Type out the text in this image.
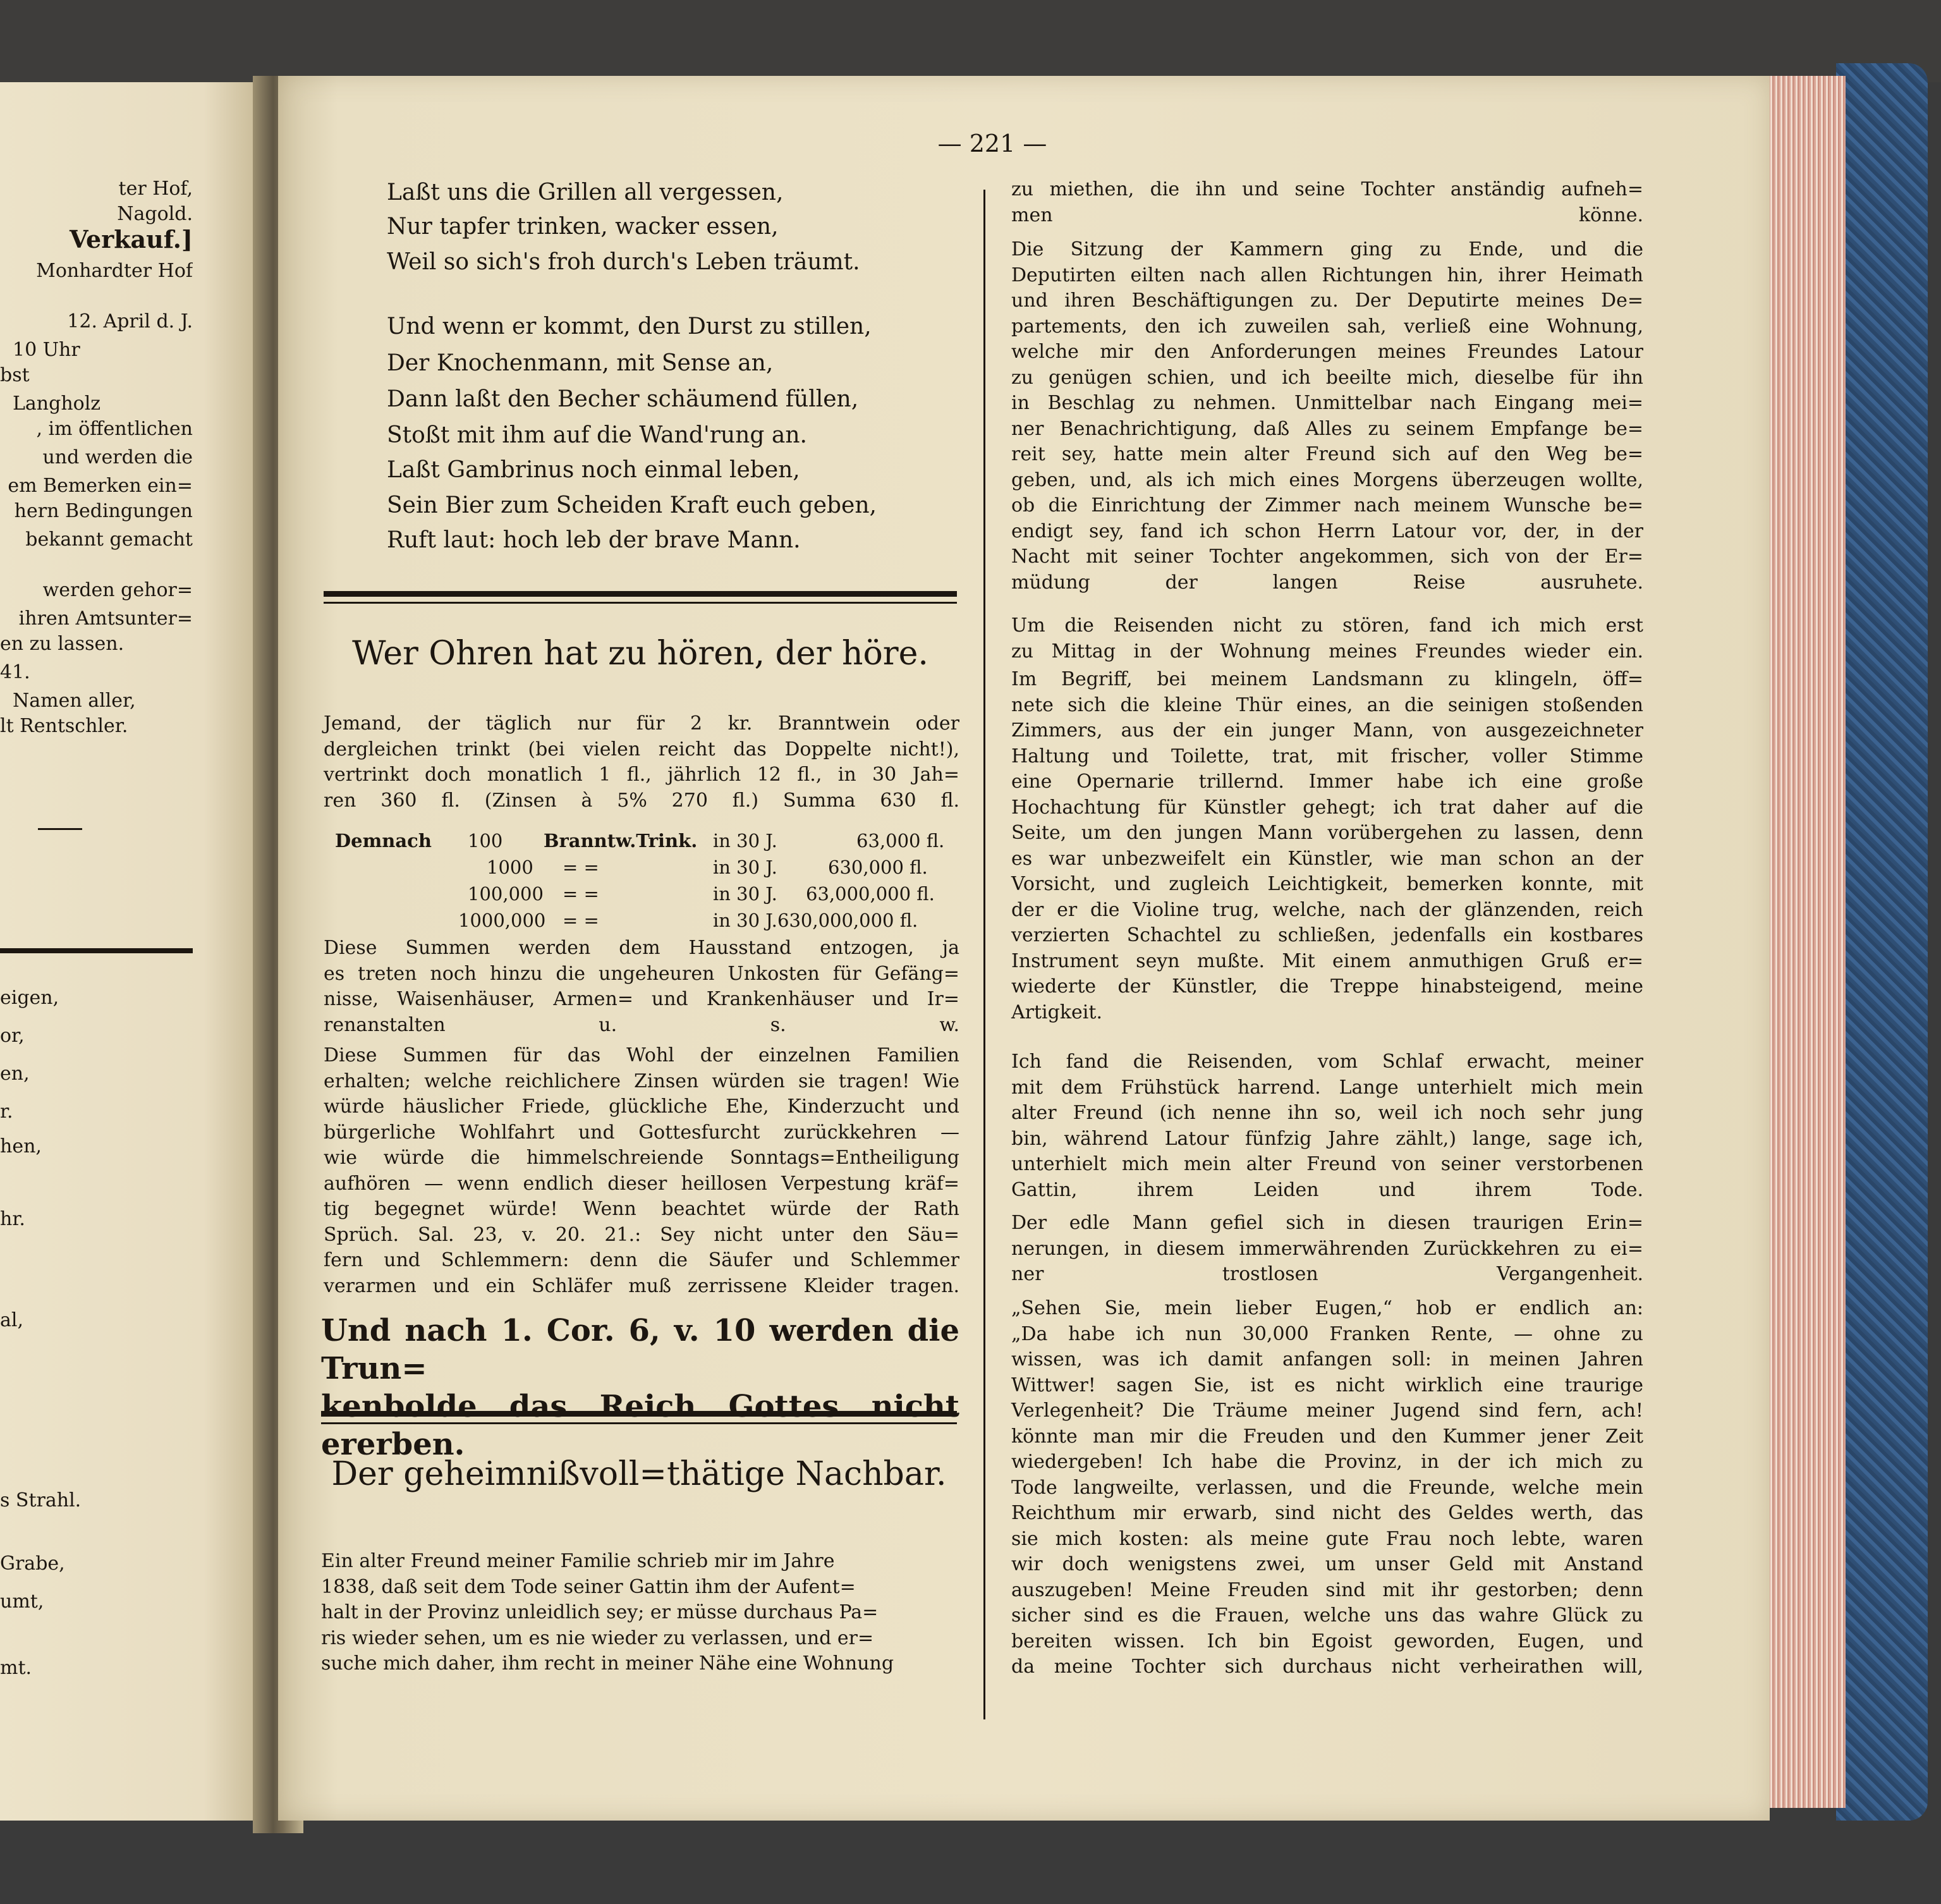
ter Hof,
Nagold.
Verkauf.]
Monhardter Hof
12. April d. J.
10 Uhr
bst
Langholz
, im öffentlichen
und werden die
em Bemerken ein=
hern Bedingungen
bekannt gemacht
werden gehor=
ihren Amtsunter=
en zu lassen.
41.
Namen aller,
lt Rentschler.
eigen,
or,
en,
r.
hen,
hr.
al,
s Strahl.
Grabe,
umt,
mt.
— 221 —
Laßt uns die Grillen all vergessen,
Nur tapfer trinken, wacker essen,
Weil so sich's froh durch's Leben träumt.
Und wenn er kommt, den Durst zu stillen,
Der Knochenmann, mit Sense an,
Dann laßt den Becher schäumend füllen,
Stoßt mit ihm auf die Wand'rung an.
Laßt Gambrinus noch einmal leben,
Sein Bier zum Scheiden Kraft euch geben,
Ruft laut: hoch leb der brave Mann.
Wer Ohren hat zu hören, der höre.
Jemand, der täglich nur für 2 kr. Branntwein oder
dergleichen trinkt (bei vielen reicht das Doppelte nicht!),
vertrinkt doch monatlich 1 fl., jährlich 12 fl., in 30 Jah=
ren 360 fl. (Zinsen à 5% 270 fl.) Summa 630 fl.
Demnach 100 Branntw.Trink. in 30 J.	63,000 fl.
1000 = =	in 30 J.	630,000 fl.
100,000 = =	in 30 J. 63,000,000 fl.
1000,000 = =	in 30 J. 630,000,000 fl.
Diese Summen werden dem Hausstand entzogen, ja
es treten noch hinzu die ungeheuren Unkosten für Gefäng=
nisse, Waisenhäuser, Armen= und Krankenhäuser und Ir=
renanstalten u. s. w.
Diese Summen für das Wohl der einzelnen Familien
erhalten; welche reichlichere Zinsen würden sie tragen! Wie
würde häuslicher Friede, glückliche Ehe, Kinderzucht und
bürgerliche Wohlfahrt und Gottesfurcht zurückkehren —
wie würde die himmelschreiende Sonntags=Entheiligung
aufhören — wenn endlich dieser heillosen Verpestung kräf=
tig begegnet würde! Wenn beachtet würde der Rath
Sprüch. Sal. 23, v. 20. 21.: Sey nicht unter den Säu=
fern und Schlemmern: denn die Säufer und Schlemmer
verarmen und ein Schläfer muß zerrissene Kleider tragen.
Und nach 1. Cor. 6, v. 10 werden die Trun=
kenbolde das Reich Gottes nicht ererben.
Der geheimnißvoll=thätige Nachbar.
Ein alter Freund meiner Familie schrieb mir im Jahre
1838, daß seit dem Tode seiner Gattin ihm der Aufent=
halt in der Provinz unleidlich sey; er müsse durchaus Pa=
ris wieder sehen, um es nie wieder zu verlassen, und er=
suche mich daher, ihm recht in meiner Nähe eine Wohnung
zu miethen, die ihn und seine Tochter anständig aufneh=
men könne.
Die Sitzung der Kammern ging zu Ende, und die
Deputirten eilten nach allen Richtungen hin, ihrer Heimath
und ihren Beschäftigungen zu. Der Deputirte meines De=
partements, den ich zuweilen sah, verließ eine Wohnung,
welche mir den Anforderungen meines Freundes Latour
zu genügen schien, und ich beeilte mich, dieselbe für ihn
in Beschlag zu nehmen. Unmittelbar nach Eingang mei=
ner Benachrichtigung, daß Alles zu seinem Empfange be=
reit sey, hatte mein alter Freund sich auf den Weg be=
geben, und, als ich mich eines Morgens überzeugen wollte,
ob die Einrichtung der Zimmer nach meinem Wunsche be=
endigt sey, fand ich schon Herrn Latour vor, der, in der
Nacht mit seiner Tochter angekommen, sich von der Er=
müdung der langen Reise ausruhete.
Um die Reisenden nicht zu stören, fand ich mich erst
zu Mittag in der Wohnung meines Freundes wieder ein.
Im Begriff, bei meinem Landsmann zu klingeln, öff=
nete sich die kleine Thür eines, an die seinigen stoßenden
Zimmers, aus der ein junger Mann, von ausgezeichneter
Haltung und Toilette, trat, mit frischer, voller Stimme
eine Opernarie trillernd. Immer habe ich eine große
Hochachtung für Künstler gehegt; ich trat daher auf die
Seite, um den jungen Mann vorübergehen zu lassen, denn
es war unbezweifelt ein Künstler, wie man schon an der
Vorsicht, und zugleich Leichtigkeit, bemerken konnte, mit
der er die Violine trug, welche, nach der glänzenden, reich
verzierten Schachtel zu schließen, jedenfalls ein kostbares
Instrument seyn mußte. Mit einem anmuthigen Gruß er=
wiederte der Künstler, die Treppe hinabsteigend, meine
Artigkeit.
Ich fand die Reisenden, vom Schlaf erwacht, meiner
mit dem Frühstück harrend. Lange unterhielt mich mein
alter Freund (ich nenne ihn so, weil ich noch sehr jung
bin, während Latour fünfzig Jahre zählt,) lange, sage ich,
unterhielt mich mein alter Freund von seiner verstorbenen
Gattin, ihrem Leiden und ihrem Tode.
Der edle Mann gefiel sich in diesen traurigen Erin=
nerungen, in diesem immerwährenden Zurückkehren zu ei=
ner trostlosen Vergangenheit.
„Sehen Sie, mein lieber Eugen,“ hob er endlich an:
„Da habe ich nun 30,000 Franken Rente, — ohne zu
wissen, was ich damit anfangen soll: in meinen Jahren
Wittwer! sagen Sie, ist es nicht wirklich eine traurige
Verlegenheit? Die Träume meiner Jugend sind fern, ach!
könnte man mir die Freuden und den Kummer jener Zeit
wiedergeben! Ich habe die Provinz, in der ich mich zu
Tode langweilte, verlassen, und die Freunde, welche mein
Reichthum mir erwarb, sind nicht des Geldes werth, das
sie mich kosten: als meine gute Frau noch lebte, waren
wir doch wenigstens zwei, um unser Geld mit Anstand
auszugeben! Meine Freuden sind mit ihr gestorben; denn
sicher sind es die Frauen, welche uns das wahre Glück zu
bereiten wissen. Ich bin Egoist geworden, Eugen, und
da meine Tochter sich durchaus nicht verheirathen will,
